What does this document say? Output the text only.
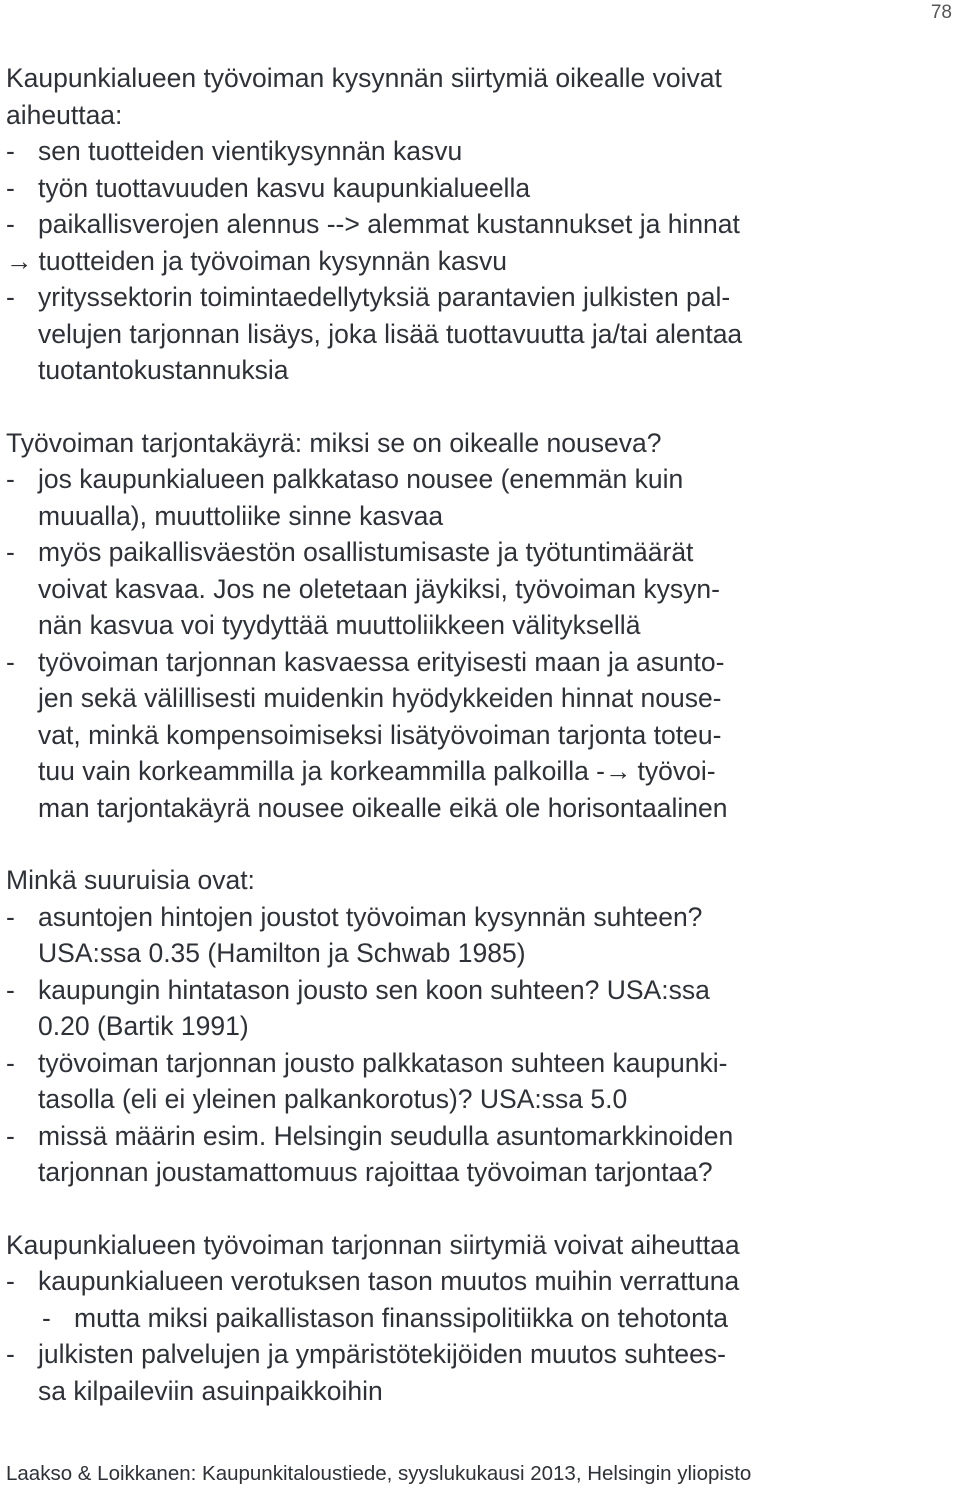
78
Kaupunkialueen työvoiman kysynnän siirtymiä oikealle voivat
aiheuttaa:
- sen tuotteiden vientikysynnän kasvu
- työn tuottavuuden kasvu kaupunkialueella
- paikallisverojen alennus --> alemmat kustannukset ja hinnat
→ tuotteiden ja työvoiman kysynnän kasvu
- yrityssektorin toimintaedellytyksiä parantavien julkisten pal-
velujen tarjonnan lisäys, joka lisää tuottavuutta ja/tai alentaa
tuotantokustannuksia
Työvoiman tarjontakäyrä: miksi se on oikealle nouseva?
- jos kaupunkialueen palkkataso nousee (enemmän kuin
muualla), muuttoliike sinne kasvaa
- myös paikallisväestön osallistumisaste ja työtuntimäärät
voivat kasvaa. Jos ne oletetaan jäykiksi, työvoiman kysyn-
nän kasvua voi tyydyttää muuttoliikkeen välityksellä
- työvoiman tarjonnan kasvaessa erityisesti maan ja asunto-
jen sekä välillisesti muidenkin hyödykkeiden hinnat nouse-
vat, minkä kompensoimiseksi lisätyövoiman tarjonta toteu-
tuu vain korkeammilla ja korkeammilla palkoilla -→ työvoi-
man tarjontakäyrä nousee oikealle eikä ole horisontaalinen
Minkä suuruisia ovat:
- asuntojen hintojen joustot työvoiman kysynnän suhteen?
USA:ssa 0.35 (Hamilton ja Schwab 1985)
- kaupungin hintatason jousto sen koon suhteen? USA:ssa
0.20 (Bartik 1991)
- työvoiman tarjonnan jousto palkkatason suhteen kaupunki-
tasolla (eli ei yleinen palkankorotus)? USA:ssa 5.0
- missä määrin esim. Helsingin seudulla asuntomarkkinoiden
tarjonnan joustamattomuus rajoittaa työvoiman tarjontaa?
Kaupunkialueen työvoiman tarjonnan siirtymiä voivat aiheuttaa
- kaupunkialueen verotuksen tason muutos muihin verrattuna
- mutta miksi paikallistason finanssipolitiikka on tehotonta
- julkisten palvelujen ja ympäristötekijöiden muutos suhtees-
sa kilpaileviin asuinpaikkoihin
Laakso & Loikkanen: Kaupunkitaloustiede, syyslukukausi 2013, Helsingin yliopisto
